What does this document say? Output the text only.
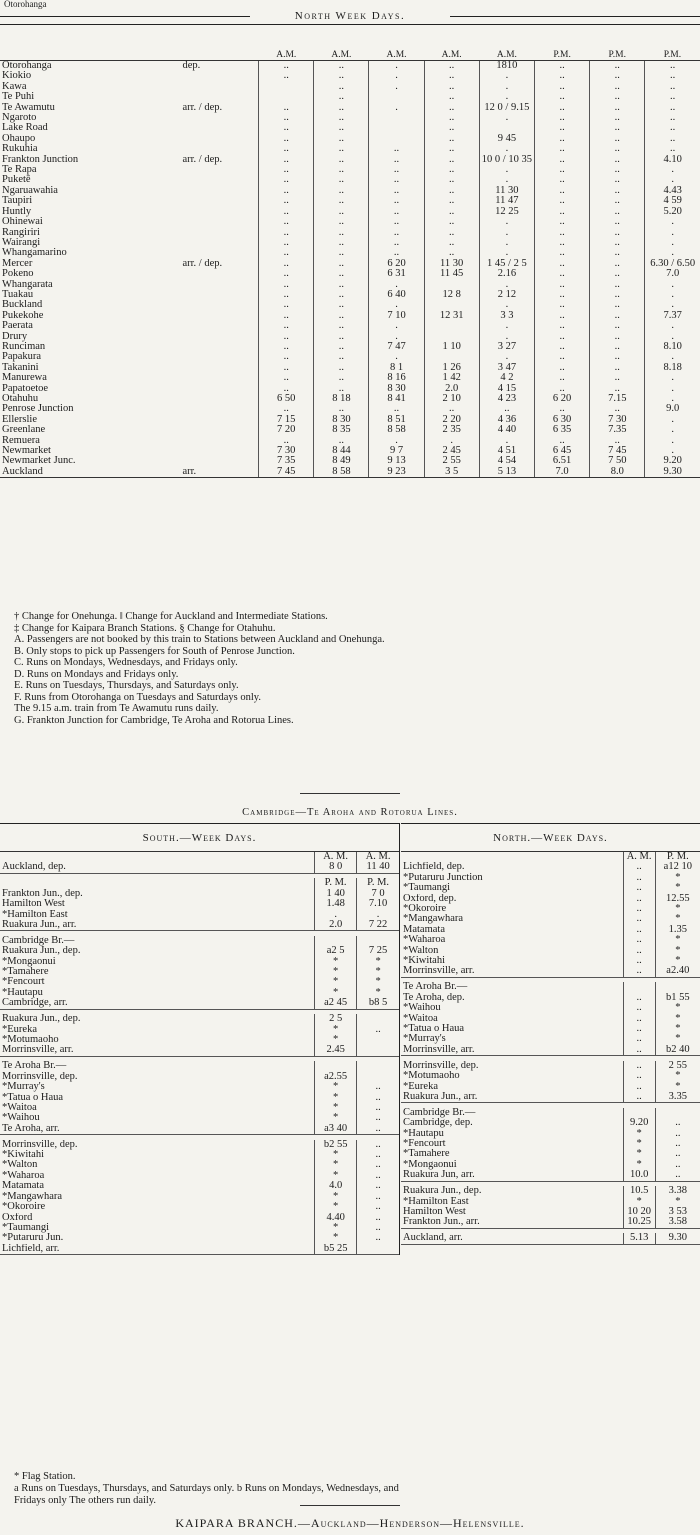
Otorohanga
North Week Days.
		A.M.	A.M.	A.M.	A.M.	A.M.	P.M.	P.M.	P.M.
Otorohanga	dep.	..	..	.	..	1810	..	..	..
Kiokio		..	..	.	..	.	..	..	..
Kawa			..	.	..	.	..	..	..
Te Puhi			..		..	.	..	..	..
Te Awamutu	arr. / dep.	..	..	.	..	12 0 / 9.15	..	..	..
Ngaroto		..	..		..	.	..	..	..
Lake Road		..	..		..		..	..	..
Ohaupo		..	..		..	9 45	..	..	..
Rukuhia		..	..	..	..	.	..	..	..
Frankton Junction	arr. / dep.	..	..	..	..	10 0 / 10 35	..	..	4.10
Te Rapa		..	..	..	..	.	..	..	.
Puketē		..	..	..	..	.	..	..	.
Ngaruawahia		..	..	..	..	11 30	..	..	4.43
Taupiri		..	..	..	..	11 47	..	..	4 59
Huntly		..	..	..	..	12 25	..	..	5.20
Ohinewai		..	..	..	..	.	..	..	.
Rangiriri		..	..	..	..	.	..	..	.
Wairangi		..	..	..	..	.	..	..	.
Whangamarino		..	..	..	..	.	..	..	.
Mercer	arr. / dep.	..	..	6 20	11 30	1 45 / 2 5	..	..	6.30 / 6.50
Pokeno		..	..	6 31	11 45	2.16	..	..	7.0
Whangarata		..	..	.		.	..	..	.
Tuakau		..	..	6 40	12 8	2 12	..	..	.
Buckland		..	..	.		.	..	..	.
Pukekohe		..	..	7 10	12 31	3 3	..	..	7.37
Paerata		..	..	.		.	..	..	.
Drury		..	..	.		.	..	..	.
Runciman		..	..	7 47	1 10	3 27	..	..	8.10
Papakura		..	..	.		.	..	..	.
Takanini		..	..	8 1	1 26	3 47	..	..	8.18
Manurewa		..	..	8 16	1 42	4 2	..	..	.
Papatoetoe		..	..	8 30	2.0	4 15	..	..	.
Otahuhu		6 50	8 18	8 41	2 10	4 23	6 20	7.15	.
Penrose Junction		..	..	..	..	..	..	..	9.0
Ellerslie		7 15	8 30	8 51	2 20	4 36	6 30	7 30	.
Greenlane		7 20	8 35	8 58	2 35	4 40	6 35	7.35	.
Remuera		..	..	.	.	.	..	..	.
Newmarket		7 30	8 44	9 7	2 45	4 51	6 45	7 45	.
Newmarket Junc.		7 35	8 49	9 13	2 55	4 54	6.51	7 50	9.20
Auckland	arr.	7 45	8 58	9 23	3 5	5 13	7.0	8.0	9.30
† Change for Onehunga. ‖ Change for Auckland and Intermediate Stations.
‡ Change for Kaipara Branch Stations. § Change for Otahuhu.
A. Passengers are not booked by this train to Stations between Auckland and Onehunga.
B. Only stops to pick up Passengers for South of Penrose Junction.
C. Runs on Mondays, Wednesdays, and Fridays only.
D. Runs on Mondays and Fridays only.
E. Runs on Tuesdays, Thursdays, and Saturdays only.
F. Runs from Otorohanga on Tuesdays and Saturdays only.
The 9.15 a.m. train from Te Awamutu runs daily.
G. Frankton Junction for Cambridge, Te Aroha and Rotorua Lines.
Cambridge—Te Aroha and Rotorua Lines.
South.—Week Days.
		A. M.	A. M.
Auckland, dep.		8 0	11 40

		P. M.	P. M.
Frankton Jun., dep.		1 40	7 0
Hamilton West		1.48	7.10
*Hamilton East		.	.
Ruakura Jun., arr.		2.0	7 22

Cambridge Br.—			
Ruakura Jun., dep.		a2 5	7 25
*Mongaonui		*	*
*Tamahere		*	*
*Fencourt		*	*
*Hautapu		*	*
Cambridge, arr.		a2 45	b8 5

Ruakura Jun., dep.		2 5	
*Eureka		*	..
*Motumaoho		*	
Morrinsville, arr.		2.45	

Te Aroha Br.—			
Morrinsville, dep.		a2.55	
*Murray's		*	..
*Tatua o Haua		*	..
*Waitoa		*	..
*Waihou		*	..
Te Aroha, arr.		a3 40	..

Morrinsville, dep.		b2 55	..
*Kiwitahi		*	..
*Walton		*	..
*Waharoa		*	..
Matamata		4.0	..
*Mangawhara		*	..
*Okoroire		*	..
Oxford		4.40	..
*Taumangi		*	..
*Putaruru Jun.		*	..
Lichfield, arr.		b5 25	
North.—Week Days.
		A. M.	P. M.
Lichfield, dep.		..	a12 10
*Putaruru Junction		..	*
*Taumangi		..	*
Oxford, dep.		..	12.55
*Okoroire		..	*
*Mangawhara		..	*
Matamata		..	1.35
*Waharoa		..	*
*Walton		..	*
*Kiwitahi		..	*
Morrinsville, arr.		..	a2.40

Te Aroha Br.—			
Te Aroha, dep.		..	b1 55
*Waihou		..	*
*Waitoa		..	*
*Tatua o Haua		..	*
*Murray's		..	*
Morrinsville, arr.		..	b2 40

Morrinsville, dep.		..	2 55
*Motumaoho		..	*
*Eureka		..	*
Ruakura Jun., arr.		..	3.35

Cambridge Br.—			
Cambridge, dep.		9.20	..
*Hautapu		*	..
*Fencourt		*	..
*Tamahere		*	..
*Mongaonui		*	..
Ruakura Jun, arr.		10.0	..

Ruakura Jun., dep.		10.5	3.38
*Hamilton East		*	*
Hamilton West		10 20	3 53
Frankton Jun., arr.		10.25	3.58

Auckland, arr.		5.13	9.30
* Flag Station.
a Runs on Tuesdays, Thursdays, and Saturdays only. b Runs on Mondays, Wednesdays, and
Fridays only The others run daily.
KAIPARA BRANCH.—Auckland—Henderson—Helensville.
